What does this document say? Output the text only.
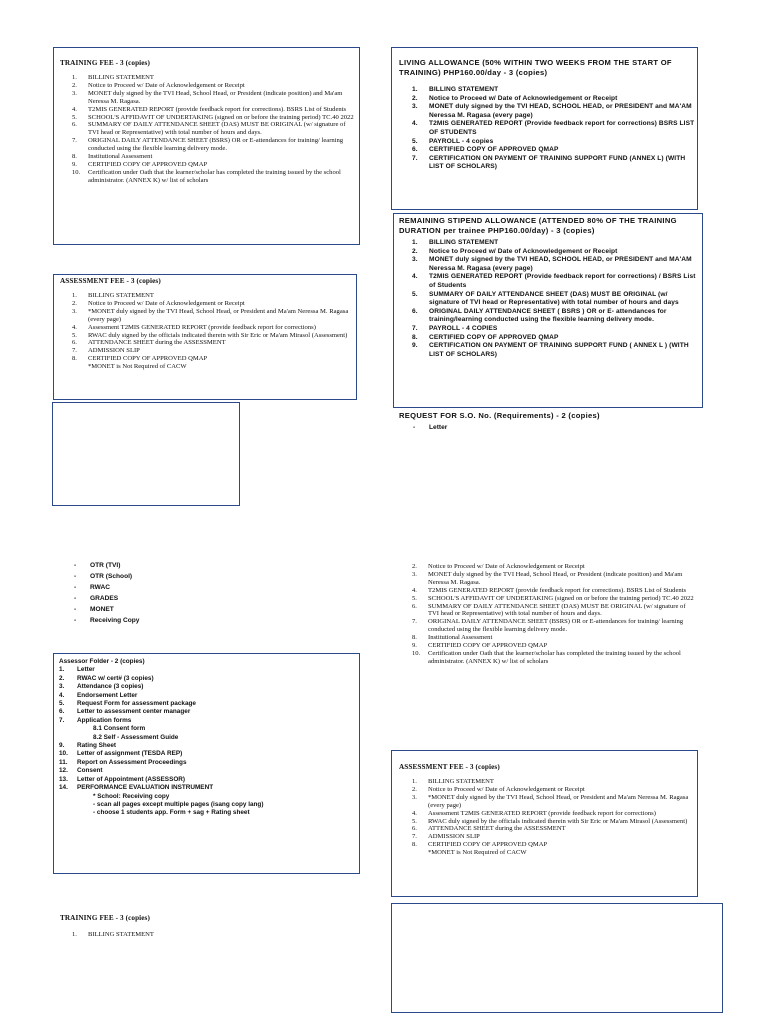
TRAINING FEE - 3 (copies)
1. BILLING STATEMENT
2. Notice to Proceed w/ Date of Acknowledgement or Receipt
3. MONET duly signed by the TVI Head, School Head, or President (indicate position) and Ma'am Neressa M. Ragasa.
4. T2MIS GENERATED REPORT (provide feedback report for corrections). BSRS List of Students
5. SCHOOL'S AFFIDAVIT OF UNDERTAKING (signed on or before the training period) TC.40 2022
6. SUMMARY OF DAILY ATTENDANCE SHEET (DAS) MUST BE ORIGINAL (w/ signature of TVI head or Representative) with total number of hours and days.
7. ORIGINAL DAILY ATTENDANCE SHEET (BSRS) OR or E-attendances for training/ learning conducted using the flexible learning delivery mode.
8. Institutional Assessment
9. CERTIFIED COPY OF APPROVED QMAP
10. Certification under Oath that the learner/scholar has completed the training issued by the school administrator. (ANNEX K) w/ list of scholars
ASSESSMENT FEE - 3 (copies)
1. BILLING STATEMENT
2. Notice to Proceed w/ Date of Acknowledgement or Receipt
3. *MONET duly signed by the TVI Head, School Head, or President and Ma'am Neressa M. Ragasa (every page)
4. Assessment T2MIS GENERATED REPORT (provide feedback report for corrections)
5. RWAC duly signed by the officials indicated therein with Sir Eric or Ma'am Mirasol (Assessment)
6. ATTENDANCE SHEET during the ASSESSMENT
7. ADMISSION SLIP
8. CERTIFIED COPY OF APPROVED QMAP
*MONET is Not Required of CACW
LIVING ALLOWANCE (50% WITHIN TWO WEEKS FROM THE START OF TRAINING) PHP160.00/day - 3 (copies)
1. BILLING STATEMENT
2. Notice to Proceed w/ Date of Acknowledgement or Receipt
3. MONET duly signed by the TVI HEAD, SCHOOL HEAD, or PRESIDENT and MA'AM Neressa M. Ragasa (every page)
4. T2MIS GENERATED REPORT (Provide feedback report for corrections) BSRS LIST OF STUDENTS
5. PAYROLL - 4 copies
6. CERTIFIED COPY OF APPROVED QMAP
7. CERTIFICATION ON PAYMENT OF TRAINING SUPPORT FUND (ANNEX L) (WITH LIST OF SCHOLARS)
REMAINING STIPEND ALLOWANCE (ATTENDED 80% OF THE TRAINING DURATION per trainee PHP160.00/day) - 3 (copies)
1. BILLING STATEMENT
2. Notice to Proceed w/ Date of Acknowledgement or Receipt
3. MONET duly signed by the TVI HEAD, SCHOOL HEAD, or PRESIDENT and MA'AM Neressa M. Ragasa (every page)
4. T2MIS GENERATED REPORT (Provide feedback report for corrections) / BSRS List of Students
5. SUMMARY OF DAILY ATTENDANCE SHEET (DAS) MUST BE ORIGINAL (w/ signature of TVI head or Representative) with total number of hours and days
6. ORIGINAL DAILY ATTENDANCE SHEET ( BSRS ) OR or E- attendances for training/learning conducted using the flexible learning delivery mode.
7. PAYROLL - 4 COPIES
8. CERTIFIED COPY OF APPROVED QMAP
9. CERTIFICATION ON PAYMENT OF TRAINING SUPPORT FUND ( ANNEX L ) (WITH LIST OF SCHOLARS)
REQUEST FOR S.O. No. (Requirements) - 2 (copies)
- Letter
- OTR (TVI)
- OTR (School)
- RWAC
- GRADES
- MONET
- Receiving Copy
Assessor Folder - 2 (copies)
1. Letter
2. RWAC w/ cert# (3 copies)
3. Attendance (3 copies)
4. Endorsement Letter
5. Request Form for assessment package
6. Letter to assessment center manager
7. Application forms
8.1 Consent form
8.2 Self - Assessment Guide
9. Rating Sheet
10. Letter of assignment (TESDA REP)
11. Report on Assessment Proceedings
12. Consent
13. Letter of Appointment (ASSESSOR)
14. PERFORMANCE EVALUATION INSTRUMENT
* School: Receiving copy
- scan all pages except multiple pages (isang copy lang)
- choose 1 students app. Form + sag + Rating sheet
2. Notice to Proceed w/ Date of Acknowledgement or Receipt
3. MONET duly signed by the TVI Head, School Head, or President (indicate position) and Ma'am Neressa M. Ragasa.
4. T2MIS GENERATED REPORT (provide feedback report for corrections). BSRS List of Students
5. SCHOOL'S AFFIDAVIT OF UNDERTAKING (signed on or before the training period) TC.40 2022
6. SUMMARY OF DAILY ATTENDANCE SHEET (DAS) MUST BE ORIGINAL (w/ signature of TVI head or Representative) with total number of hours and days.
7. ORIGINAL DAILY ATTENDANCE SHEET (BSRS) OR or E-attendances for training/ learning conducted using the flexible learning delivery mode.
8. Institutional Assessment
9. CERTIFIED COPY OF APPROVED QMAP
10. Certification under Oath that the learner/scholar has completed the training issued by the school administrator. (ANNEX K) w/ list of scholars
ASSESSMENT FEE - 3 (copies)
1. BILLING STATEMENT
2. Notice to Proceed w/ Date of Acknowledgement or Receipt
3. *MONET duly signed by the TVI Head, School Head, or President and Ma'am Neressa M. Ragasa (every page)
4. Assessment T2MIS GENERATED REPORT (provide feedback report for corrections)
5. RWAC duly signed by the officials indicated therein with Sir Eric or Ma'am Mirasol (Assessment)
6. ATTENDANCE SHEET during the ASSESSMENT
7. ADMISSION SLIP
8. CERTIFIED COPY OF APPROVED QMAP
*MONET is Not Required of CACW
TRAINING FEE - 3 (copies)
1. BILLING STATEMENT
